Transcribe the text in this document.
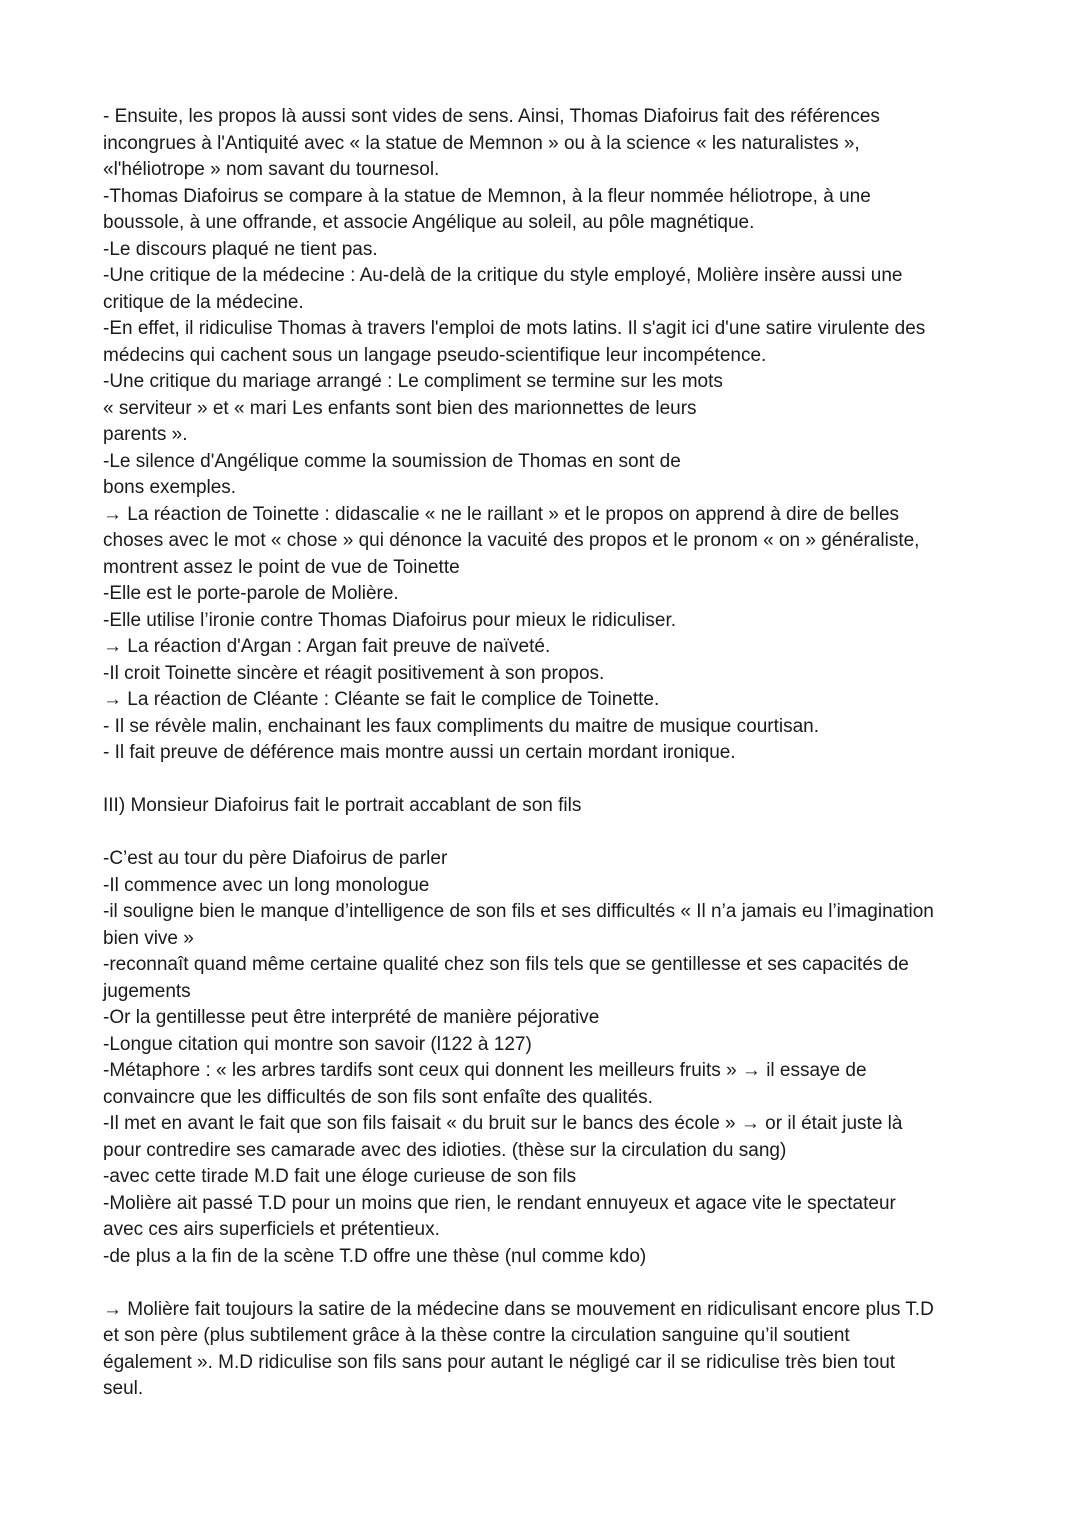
- Ensuite, les propos là aussi sont vides de sens. Ainsi, Thomas Diafoirus fait des références

incongrues à l'Antiquité avec « la statue de Memnon » ou à la science « les naturalistes »,

«l'héliotrope » nom savant du tournesol.

-Thomas Diafoirus se compare à la statue de Memnon, à la fleur nommée héliotrope, à une

boussole, à une offrande, et associe Angélique au soleil, au pôle magnétique.

-Le discours plaqué ne tient pas.

-Une critique de la médecine : Au-delà de la critique du style employé, Molière insère aussi une

critique de la médecine.

-En effet, il ridiculise Thomas à travers l'emploi de mots latins. Il s'agit ici d'une satire virulente des

médecins qui cachent sous un langage pseudo-scientifique leur incompétence.

-Une critique du mariage arrangé : Le compliment se termine sur les mots

« serviteur » et « mari Les enfants sont bien des marionnettes de leurs

parents ».

-Le silence d'Angélique comme la soumission de Thomas en sont de

bons exemples.

→ La réaction de Toinette : didascalie « ne le raillant » et le propos on apprend à dire de belles

choses avec le mot « chose » qui dénonce la vacuité des propos et le pronom « on » généraliste,

montrent assez le point de vue de Toinette

-Elle est le porte-parole de Molière.

-Elle utilise l’ironie contre Thomas Diafoirus pour mieux le ridiculiser.

→ La réaction d'Argan : Argan fait preuve de naïveté.

-Il croit Toinette sincère et réagit positivement à son propos.

→ La réaction de Cléante : Cléante se fait le complice de Toinette.

- Il se révèle malin, enchainant les faux compliments du maitre de musique courtisan.

- Il fait preuve de déférence mais montre aussi un certain mordant ironique.

III) Monsieur Diafoirus fait le portrait accablant de son fils

-C’est au tour du père Diafoirus de parler

-Il commence avec un long monologue

-il souligne bien le manque d’intelligence de son fils et ses difficultés « Il n’a jamais eu l’imagination

bien vive »

-reconnaît quand même certaine qualité chez son fils tels que se gentillesse et ses capacités de

jugements

-Or la gentillesse peut être interprété de manière péjorative

-Longue citation qui montre son savoir (l122 à 127)

-Métaphore : « les arbres tardifs sont ceux qui donnent les meilleurs fruits » → il essaye de

convaincre que les difficultés de son fils sont enfaîte des qualités.

-Il met en avant le fait que son fils faisait « du bruit sur le bancs des école » → or il était juste là

pour contredire ses camarade avec des idioties. (thèse sur la circulation du sang)

-avec cette tirade M.D fait une éloge curieuse de son fils

-Molière ait passé T.D pour un moins que rien, le rendant ennuyeux et agace vite le spectateur

avec ces airs superficiels et prétentieux.

-de plus a la fin de la scène T.D offre une thèse (nul comme kdo)

→ Molière fait toujours la satire de la médecine dans se mouvement en ridiculisant encore plus T.D

et son père (plus subtilement grâce à la thèse contre la circulation sanguine qu’il soutient

également ». M.D ridiculise son fils sans pour autant le négligé car il se ridiculise très bien tout

seul.
